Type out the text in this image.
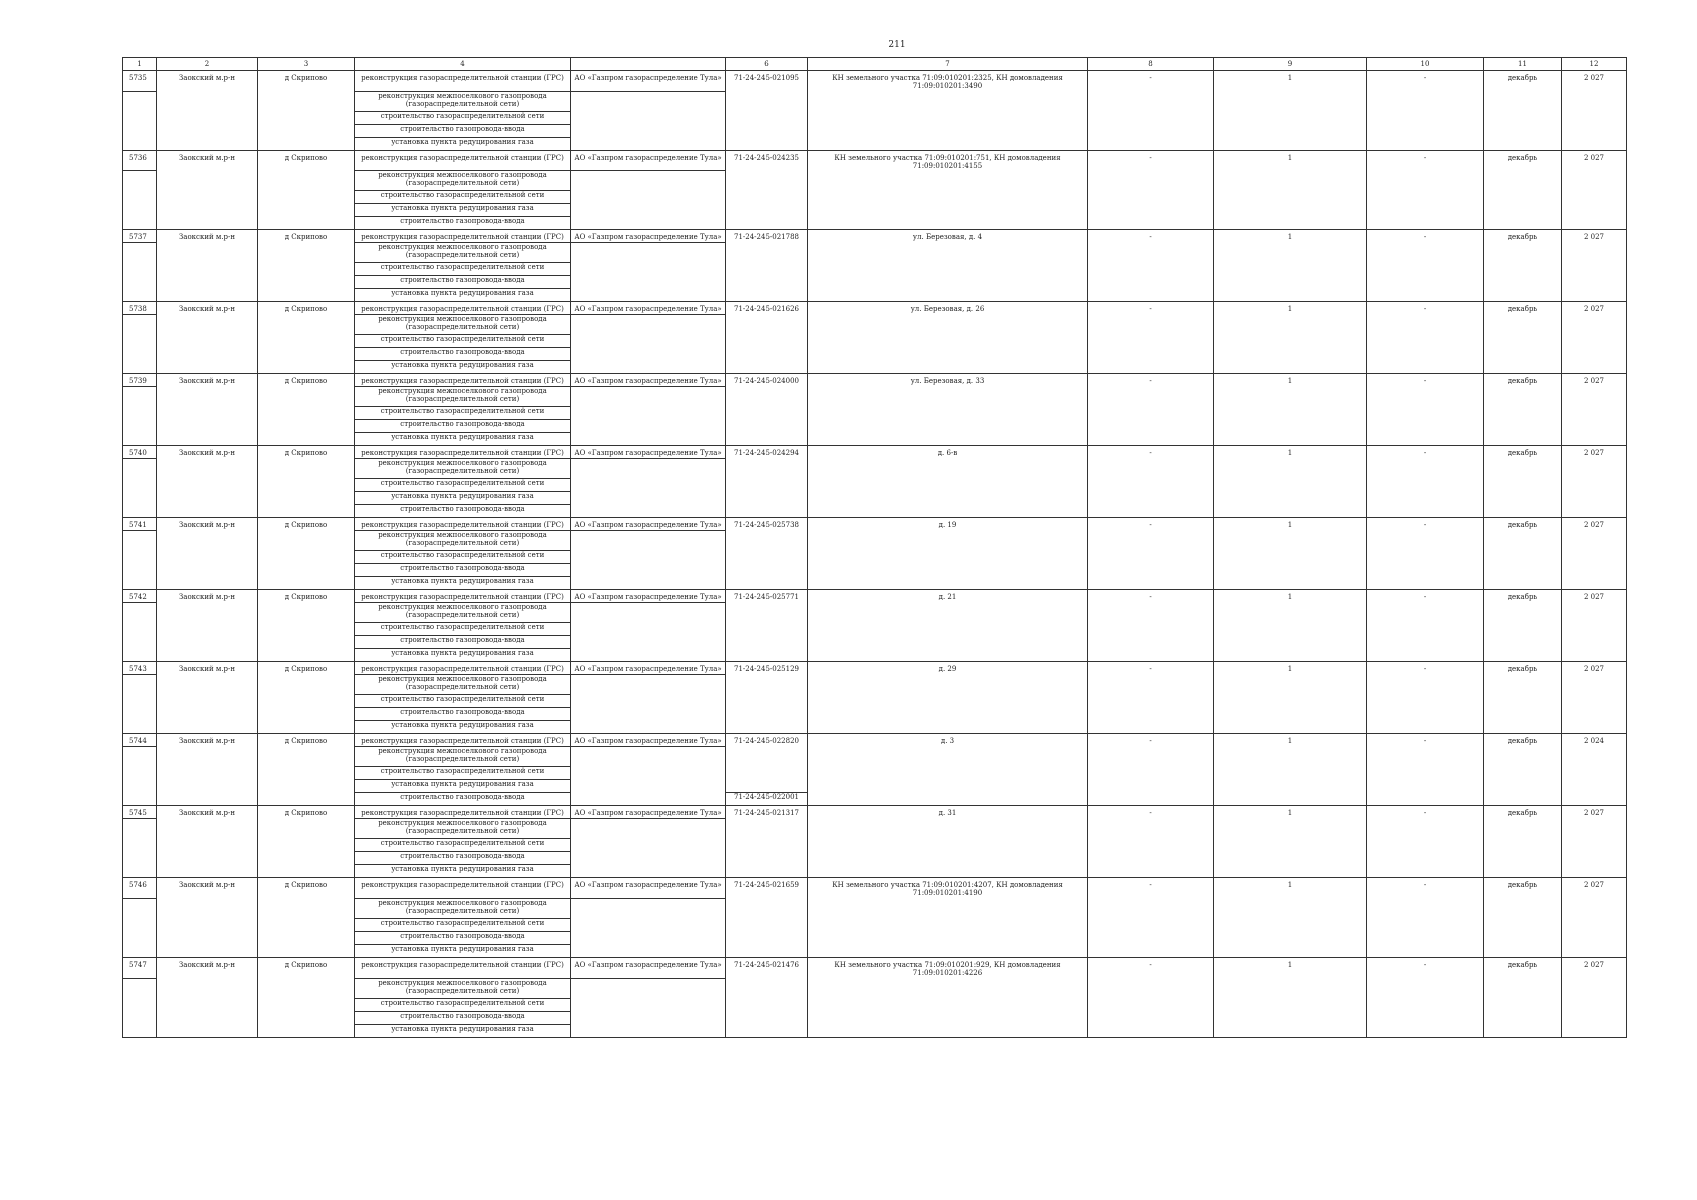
211
1	2	3	4		6	7	8	9	10	11	12
5735	Заокский м.р-н	д Скрипово	реконструкция газораспределительной станции (ГРС)	АО «Газпром газораспределение Тула»	71-24-245-021095	КН земельного участка 71:09:010201:2325, КН домовладения 71:09:010201:3490	-	1	-	декабрь	2 027
			реконструкция межпоселкового газопровода (газораспределительной сети)								
			строительство газораспределительной сети								
			строительство газопровода-ввода								
			установка пункта редуцирования газа								
5736	Заокский м.р-н	д Скрипово	реконструкция газораспределительной станции (ГРС)	АО «Газпром газораспределение Тула»	71-24-245-024235	КН земельного участка 71:09:010201:751, КН домовладения 71:09:010201:4155	-	1	-	декабрь	2 027
			реконструкция межпоселкового газопровода (газораспределительной сети)								
			строительство газораспределительной сети								
			установка пункта редуцирования газа								
			строительство газопровода-ввода								
5737	Заокский м.р-н	д Скрипово	реконструкция газораспределительной станции (ГРС)	АО «Газпром газораспределение Тула»	71-24-245-021788	ул. Березовая, д. 4	-	1	-	декабрь	2 027
			реконструкция межпоселкового газопровода (газораспределительной сети)								
			строительство газораспределительной сети								
			строительство газопровода-ввода								
			установка пункта редуцирования газа								
5738	Заокский м.р-н	д Скрипово	реконструкция газораспределительной станции (ГРС)	АО «Газпром газораспределение Тула»	71-24-245-021626	ул. Березовая, д. 26	-	1	-	декабрь	2 027
			реконструкция межпоселкового газопровода (газораспределительной сети)								
			строительство газораспределительной сети								
			строительство газопровода-ввода								
			установка пункта редуцирования газа								
5739	Заокский м.р-н	д Скрипово	реконструкция газораспределительной станции (ГРС)	АО «Газпром газораспределение Тула»	71-24-245-024000	ул. Березовая, д. 33	-	1	-	декабрь	2 027
			реконструкция межпоселкового газопровода (газораспределительной сети)								
			строительство газораспределительной сети								
			строительство газопровода-ввода								
			установка пункта редуцирования газа								
5740	Заокский м.р-н	д Скрипово	реконструкция газораспределительной станции (ГРС)	АО «Газпром газораспределение Тула»	71-24-245-024294	д. 6-в	-	1	-	декабрь	2 027
			реконструкция межпоселкового газопровода (газораспределительной сети)								
			строительство газораспределительной сети								
			установка пункта редуцирования газа								
			строительство газопровода-ввода								
5741	Заокский м.р-н	д Скрипово	реконструкция газораспределительной станции (ГРС)	АО «Газпром газораспределение Тула»	71-24-245-025738	д. 19	-	1	-	декабрь	2 027
			реконструкция межпоселкового газопровода (газораспределительной сети)								
			строительство газораспределительной сети								
			строительство газопровода-ввода								
			установка пункта редуцирования газа								
5742	Заокский м.р-н	д Скрипово	реконструкция газораспределительной станции (ГРС)	АО «Газпром газораспределение Тула»	71-24-245-025771	д. 21	-	1	-	декабрь	2 027
			реконструкция межпоселкового газопровода (газораспределительной сети)								
			строительство газораспределительной сети								
			строительство газопровода-ввода								
			установка пункта редуцирования газа								
5743	Заокский м.р-н	д Скрипово	реконструкция газораспределительной станции (ГРС)	АО «Газпром газораспределение Тула»	71-24-245-025129	д. 29	-	1	-	декабрь	2 027
			реконструкция межпоселкового газопровода (газораспределительной сети)								
			строительство газораспределительной сети								
			строительство газопровода-ввода								
			установка пункта редуцирования газа								
5744	Заокский м.р-н	д Скрипово	реконструкция газораспределительной станции (ГРС)	АО «Газпром газораспределение Тула»	71-24-245-022820	д. 3	-	1	-	декабрь	2 024
			реконструкция межпоселкового газопровода (газораспределительной сети)								
			строительство газораспределительной сети								
			установка пункта редуцирования газа								
			строительство газопровода-ввода		71-24-245-022001						
5745	Заокский м.р-н	д Скрипово	реконструкция газораспределительной станции (ГРС)	АО «Газпром газораспределение Тула»	71-24-245-021317	д. 31	-	1	-	декабрь	2 027
			реконструкция межпоселкового газопровода (газораспределительной сети)								
			строительство газораспределительной сети								
			строительство газопровода-ввода								
			установка пункта редуцирования газа								
5746	Заокский м.р-н	д Скрипово	реконструкция газораспределительной станции (ГРС)	АО «Газпром газораспределение Тула»	71-24-245-021659	КН земельного участка 71:09:010201:4207, КН домовладения 71:09:010201:4190	-	1	-	декабрь	2 027
			реконструкция межпоселкового газопровода (газораспределительной сети)								
			строительство газораспределительной сети								
			строительство газопровода-ввода								
			установка пункта редуцирования газа								
5747	Заокский м.р-н	д Скрипово	реконструкция газораспределительной станции (ГРС)	АО «Газпром газораспределение Тула»	71-24-245-021476	КН земельного участка 71:09:010201:929, КН домовладения 71:09:010201:4226	-	1	-	декабрь	2 027
			реконструкция межпоселкового газопровода (газораспределительной сети)								
			строительство газораспределительной сети								
			строительство газопровода-ввода								
			установка пункта редуцирования газа								
